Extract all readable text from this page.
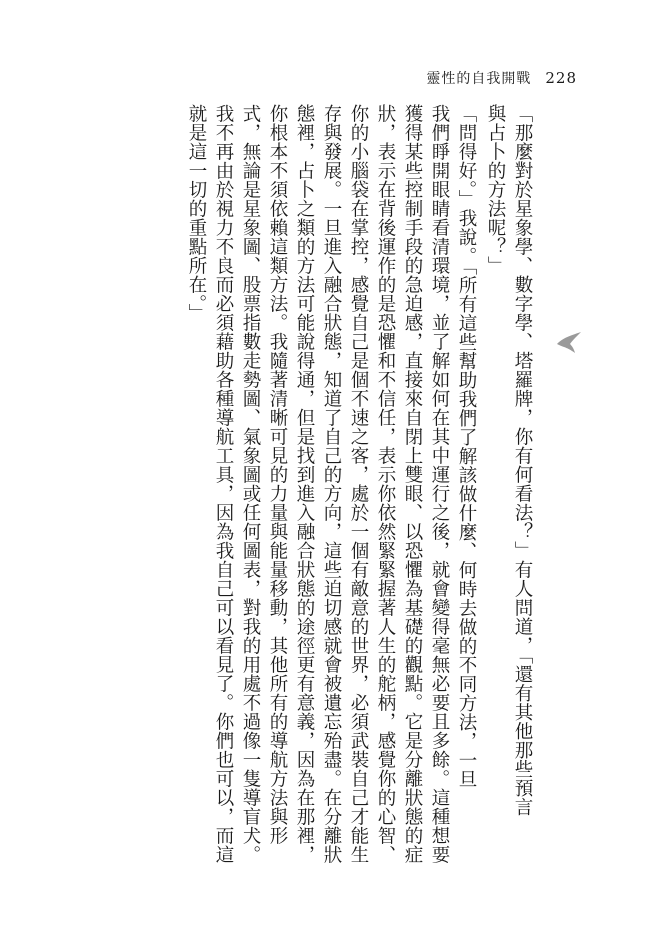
靈性的自我開戰 228
「那麼對於星象學、數字學、塔羅牌，你有何看法？」有人問道，「還有其他那些預言
與占卜的方法呢？」
「問得好。」我說。「所有這些幫助我們了解該做什麼、何時去做的不同方法，一旦
我們睜開眼睛看清環境，並了解如何在其中運行之後，就會變得毫無必要且多餘。這種想要
獲得某些控制手段的急迫感，直接來自閉上雙眼、以恐懼為基礎的觀點。它是分離狀態的症
狀，表示在背後運作的是恐懼和不信任，表示你依然緊緊握著人生的舵柄，感覺你的心智、
你的小腦袋在掌控，感覺自己是個不速之客，處於一個有敵意的世界，必須武裝自己才能生
存與發展。一旦進入融合狀態，知道了自己的方向，這些迫切感就會被遺忘殆盡。在分離狀
態裡，占卜之類的方法可能說得通，但是找到進入融合狀態的途徑更有意義，因為在那裡，
你根本不須依賴這類方法。我隨著清晰可見的力量與能量移動，其他所有的導航方法與形
式，無論是星象圖、股票指數走勢圖、氣象圖或任何圖表，對我的用處不過像一隻導盲犬。
我不再由於視力不良而必須藉助各種導航工具，因為我自己可以看見了。你們也可以，而這
就是這一切的重點所在。」
